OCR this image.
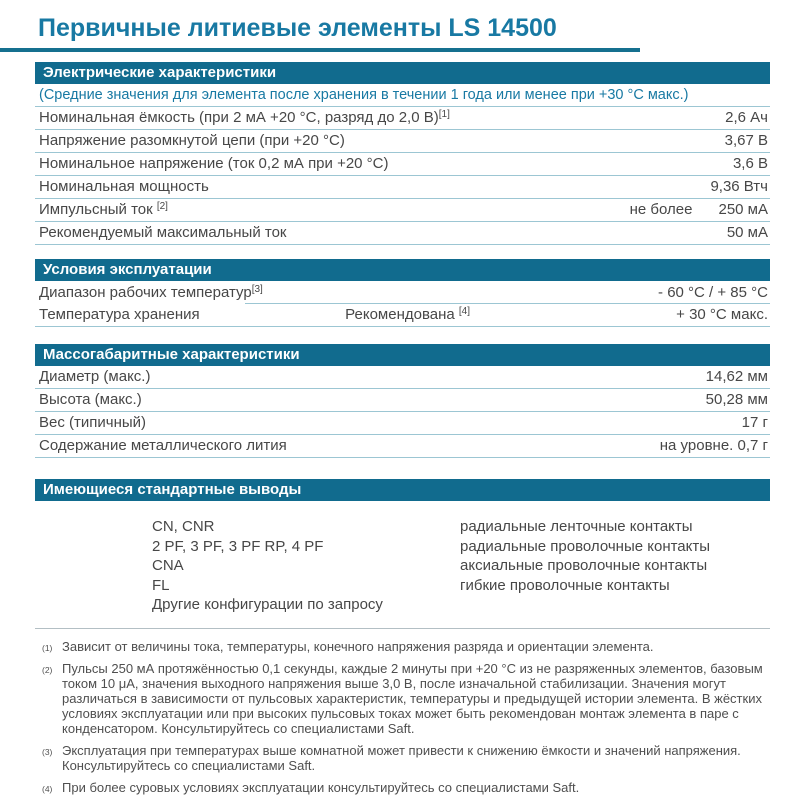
Первичные литиевые элементы LS 14500
Электрические характеристики
(Средние значения для элемента после хранения в течении 1 года или менее при +30 °С макс.)
Номинальная ёмкость (при 2 мА +20 °С, разряд до 2,0 В)[1]	2,6 Ач
Напряжение разомкнутой цепи (при +20 °С)	3,67 В
Номинальное напряжение (ток 0,2 мА при +20 °С)	3,6 В
Номинальная мощность	9,36 Втч
Импульсный ток [2]	не более 250 мА
Рекомендуемый максимальный ток	50 мА
Условия эксплуатации
Диапазон рабочих температур[3]	- 60 °С / + 85 °С
Температура хранения	Рекомендована [4]	+ 30 °С макс.
Массогабаритные характеристики
Диаметр (макс.)	14,62 мм
Высота (макс.)	50,28 мм
Вес (типичный)	17 г
Содержание металлического лития	на уровне. 0,7 г
Имеющиеся стандартные выводы
CN, CNR	радиальные ленточные контакты
2 PF, 3 PF, 3 PF RP, 4 PF	радиальные проволочные контакты
CNA	аксиальные проволочные контакты
FL	гибкие проволочные контакты
Другие конфигурации по запросу
(1) Зависит от величины тока, температуры, конечного напряжения разряда и ориентации элемента.
(2) Пульсы 250 мА протяжённостью 0,1 секунды, каждые 2 минуты при +20 °С из не разряженных элементов, базовым током 10 μА, значения выходного напряжения выше 3,0 В, после изначальной стабилизации. Значения могут различаться в зависимости от пульсовых характеристик, температуры и предыдущей истории элемента. В жёстких условиях эксплуатации или при высоких пульсовых токах может быть рекомендован монтаж элемента в паре с конденсатором. Консультируйтесь со специалистами Saft.
(3) Эксплуатация при температурах выше комнатной может привести к снижению ёмкости и значений напряжения. Консультируйтесь со специалистами Saft.
(4) При более суровых условиях эксплуатации консультируйтесь со специалистами Saft.
